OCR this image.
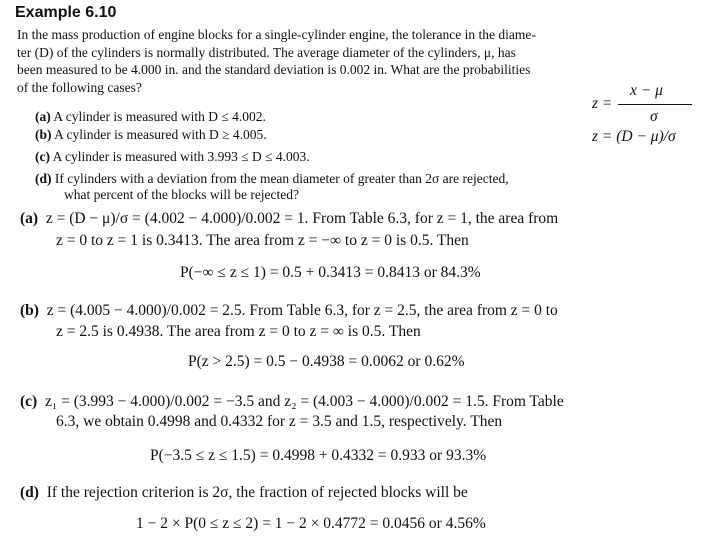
Example 6.10
In the mass production of engine blocks for a single-cylinder engine, the tolerance in the diame-
ter (D) of the cylinders is normally distributed. The average diameter of the cylinders, μ, has
been measured to be 4.000 in. and the standard deviation is 0.002 in. What are the probabilities
of the following cases?
z =
x − μ
σ
z = (D − μ)/σ
(a) A cylinder is measured with D ≤ 4.002.
(b) A cylinder is measured with D ≥ 4.005.
(c) A cylinder is measured with 3.993 ≤ D ≤ 4.003.
(d) If cylinders with a deviation from the mean diameter of greater than 2σ are rejected,
what percent of the blocks will be rejected?
(a) z = (D − μ)/σ = (4.002 − 4.000)/0.002 = 1. From Table 6.3, for z = 1, the area from
z = 0 to z = 1 is 0.3413. The area from z = −∞ to z = 0 is 0.5. Then
P(−∞ ≤ z ≤ 1) = 0.5 + 0.3413 = 0.8413 or 84.3%
(b) z = (4.005 − 4.000)/0.002 = 2.5. From Table 6.3, for z = 2.5, the area from z = 0 to
z = 2.5 is 0.4938. The area from z = 0 to z = ∞ is 0.5. Then
P(z > 2.5) = 0.5 − 0.4938 = 0.0062 or 0.62%
(c) z₁ = (3.993 − 4.000)/0.002 = −3.5 and z₂ = (4.003 − 4.000)/0.002 = 1.5. From Table
6.3, we obtain 0.4998 and 0.4332 for z = 3.5 and 1.5, respectively. Then
P(−3.5 ≤ z ≤ 1.5) = 0.4998 + 0.4332 = 0.933 or 93.3%
(d) If the rejection criterion is 2σ, the fraction of rejected blocks will be
1 − 2 × P(0 ≤ z ≤ 2) = 1 − 2 × 0.4772 = 0.0456 or 4.56%
